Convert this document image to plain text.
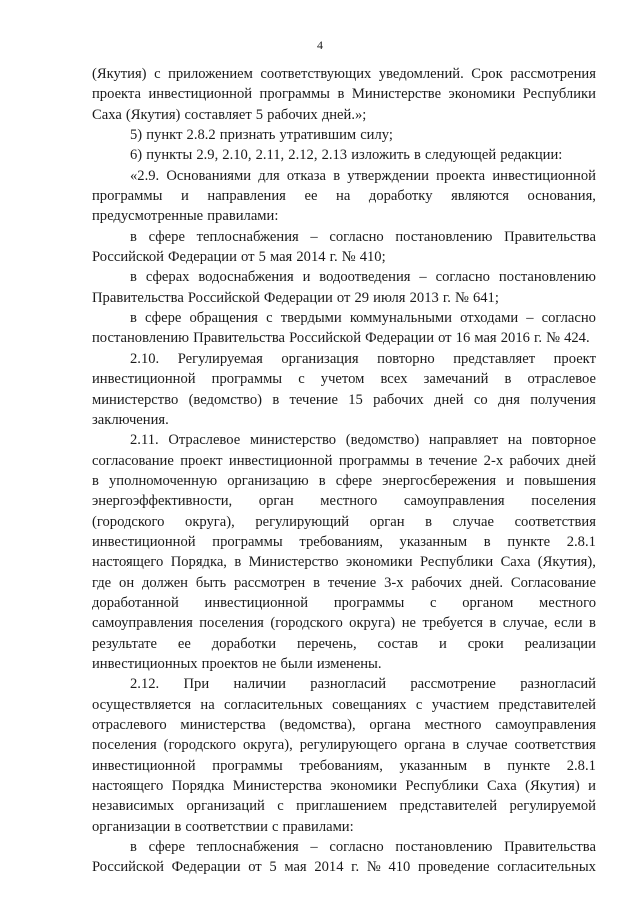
4
(Якутия) с приложением соответствующих уведомлений. Срок рассмотрения
проекта инвестиционной программы в Министерстве экономики Республики
Саха (Якутия) составляет 5 рабочих дней.»;
5) пункт 2.8.2 признать утратившим силу;
6) пункты 2.9, 2.10, 2.11, 2.12, 2.13 изложить в следующей редакции:
«2.9. Основаниями для отказа в утверждении проекта инвестиционной
программы и направления ее на доработку являются основания,
предусмотренные правилами:
в сфере теплоснабжения – согласно постановлению Правительства
Российской Федерации от 5 мая 2014 г. № 410;
в сферах водоснабжения и водоотведения – согласно постановлению
Правительства Российской Федерации от 29 июля 2013 г. № 641;
в сфере обращения с твердыми коммунальными отходами – согласно
постановлению Правительства Российской Федерации от 16 мая 2016 г. № 424.
2.10. Регулируемая организация повторно представляет проект
инвестиционной программы с учетом всех замечаний в отраслевое
министерство (ведомство) в течение 15 рабочих дней со дня получения
заключения.
2.11. Отраслевое министерство (ведомство) направляет на повторное
согласование проект инвестиционной программы в течение 2-х рабочих дней
в уполномоченную организацию в сфере энергосбережения и повышения
энергоэффективности, орган местного самоуправления поселения
(городского округа), регулирующий орган в случае соответствия
инвестиционной программы требованиям, указанным в пункте 2.8.1
настоящего Порядка, в Министерство экономики Республики Саха (Якутия),
где он должен быть рассмотрен в течение 3-х рабочих дней. Согласование
доработанной инвестиционной программы с органом местного
самоуправления поселения (городского округа) не требуется в случае, если в
результате ее доработки перечень, состав и сроки реализации
инвестиционных проектов не были изменены.
2.12. При наличии разногласий рассмотрение разногласий
осуществляется на согласительных совещаниях с участием представителей
отраслевого министерства (ведомства), органа местного самоуправления
поселения (городского округа), регулирующего органа в случае соответствия
инвестиционной программы требованиям, указанным в пункте 2.8.1
настоящего Порядка Министерства экономики Республики Саха (Якутия) и
независимых организаций с приглашением представителей регулируемой
организации в соответствии с правилами:
в сфере теплоснабжения – согласно постановлению Правительства
Российской Федерации от 5 мая 2014 г. № 410 проведение согласительных
